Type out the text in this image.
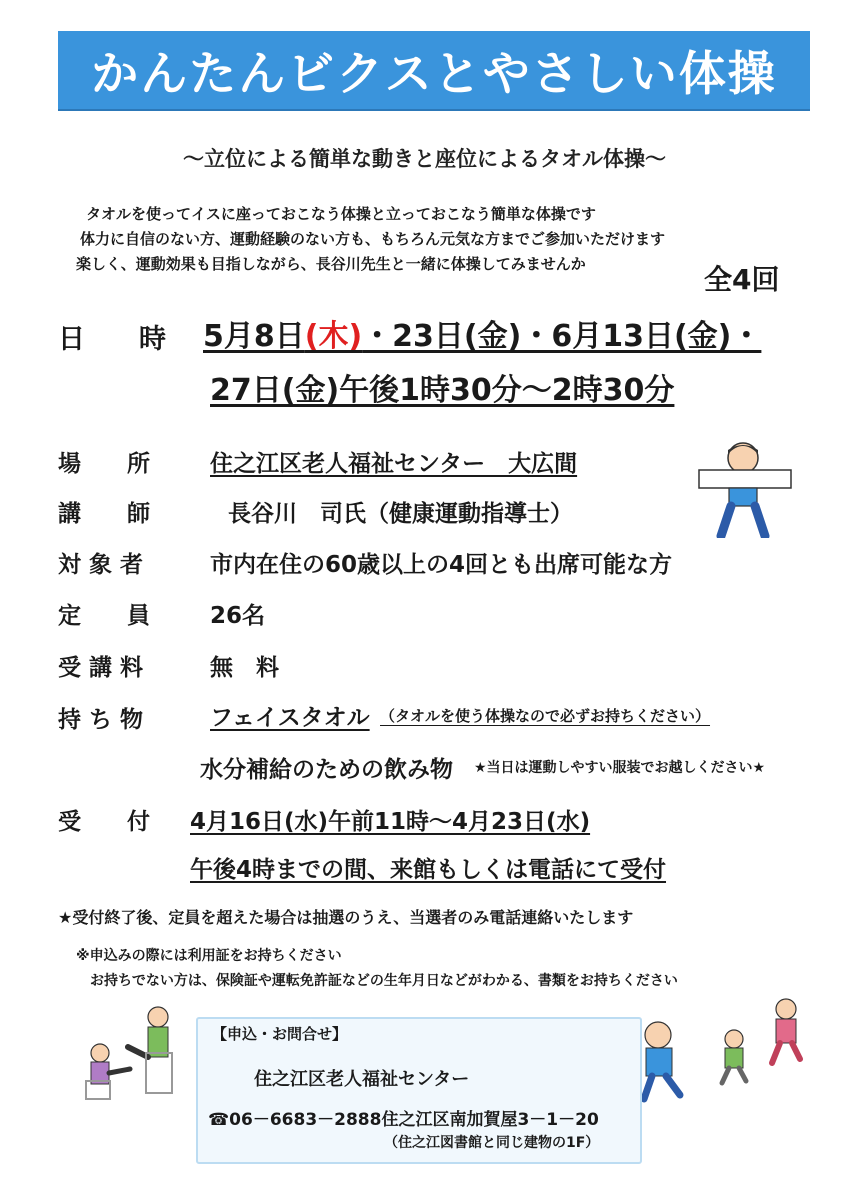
かんたんビクスとやさしい体操
～立位による簡単な動きと座位によるタオル体操～
タオルを使ってイスに座っておこなう体操と立っておこなう簡単な体操です
体力に自信のない方、運動経験のない方も、もちろん元気な方までご参加いただけます
楽しく、運動効果も目指しながら、長谷川先生と一緒に体操してみませんか	全4回
日　　時 5月8日(木)・23日(金)・6月13日(金)・
27日(金)午後1時30分～2時30分
場　　所	住之江区老人福祉センター　大広間
講　　師	長谷川　司氏（健康運動指導士）
対 象 者	市内在住の60歳以上の4回とも出席可能な方
定　　員	26名
受 講 料	無　料
持 ち 物	フェイスタオル （タオルを使う体操なので必ずお持ちください）
水分補給のための飲み物 ★当日は運動しやすい服装でお越しください★
受　　付 4月16日(水)午前11時～4月23日(水)
午後4時までの間、来館もしくは電話にて受付
★受付終了後、定員を超えた場合は抽選のうえ、当選者のみ電話連絡いたします
※申込みの際には利用証をお持ちください
お持ちでない方は、保険証や運転免許証などの生年月日などがわかる、書類をお持ちください
【申込・お問合せ】
住之江区老人福祉センター
☎06－6683－2888住之江区南加賀屋3－1－20
（住之江図書館と同じ建物の1F）
